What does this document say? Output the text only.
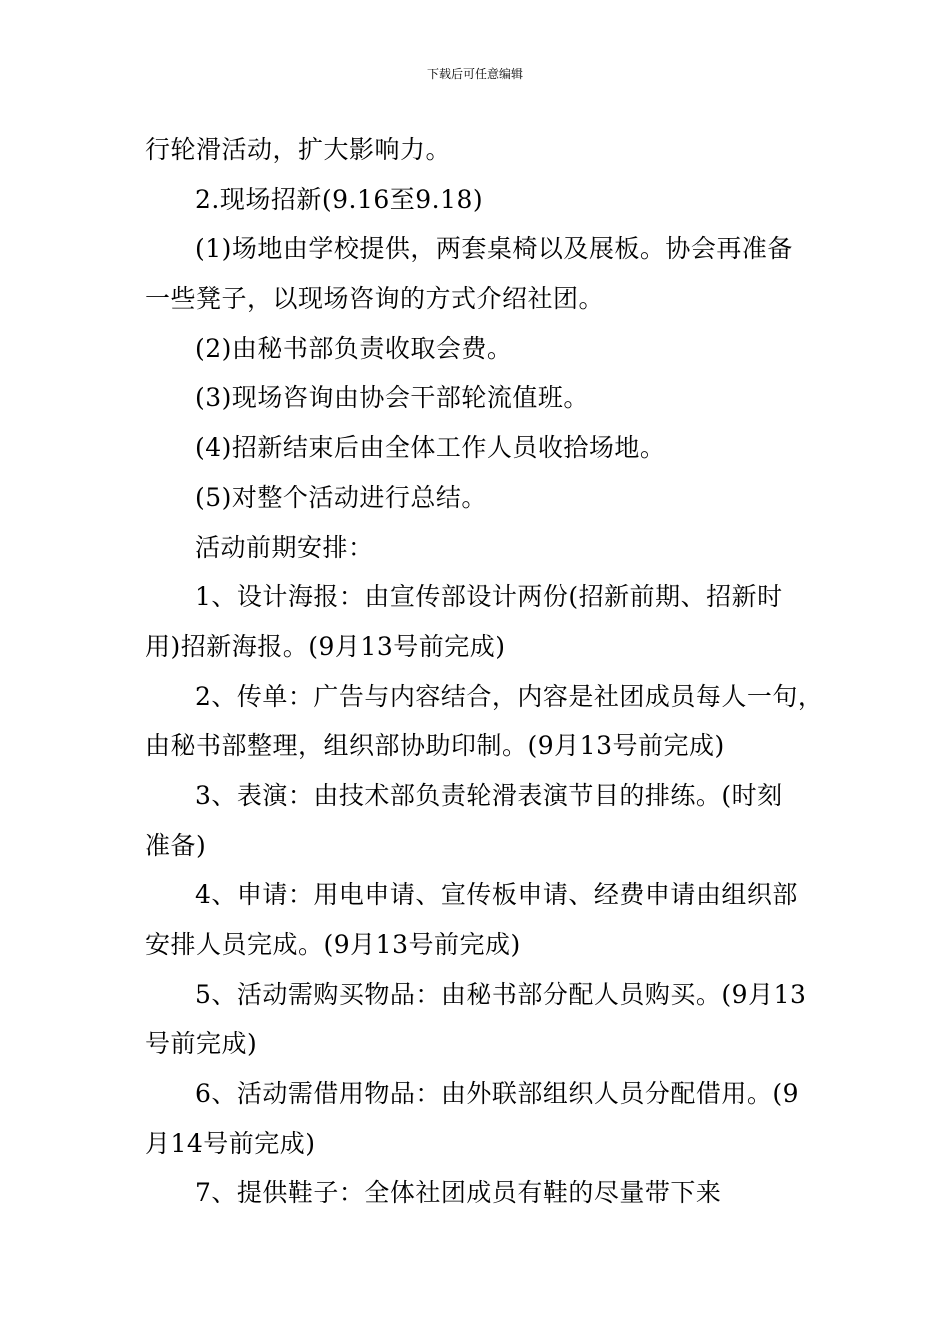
下载后可任意编辑
行轮滑活动，扩大影响力。
2.现场招新(9.16至9.18)
(1)场地由学校提供，两套桌椅以及展板。协会再准备
一些凳子，以现场咨询的方式介绍社团。
(2)由秘书部负责收取会费。
(3)现场咨询由协会干部轮流值班。
(4)招新结束后由全体工作人员收拾场地。
(5)对整个活动进行总结。
活动前期安排：
1、设计海报：由宣传部设计两份(招新前期、招新时
用)招新海报。(9月13号前完成)
2、传单：广告与内容结合，内容是社团成员每人一句，
由秘书部整理，组织部协助印制。(9月13号前完成)
3、表演：由技术部负责轮滑表演节目的排练。(时刻
准备)
4、申请：用电申请、宣传板申请、经费申请由组织部
安排人员完成。(9月13号前完成)
5、活动需购买物品：由秘书部分配人员购买。(9月13
号前完成)
6、活动需借用物品：由外联部组织人员分配借用。(9
月14号前完成)
7、提供鞋子：全体社团成员有鞋的尽量带下来
